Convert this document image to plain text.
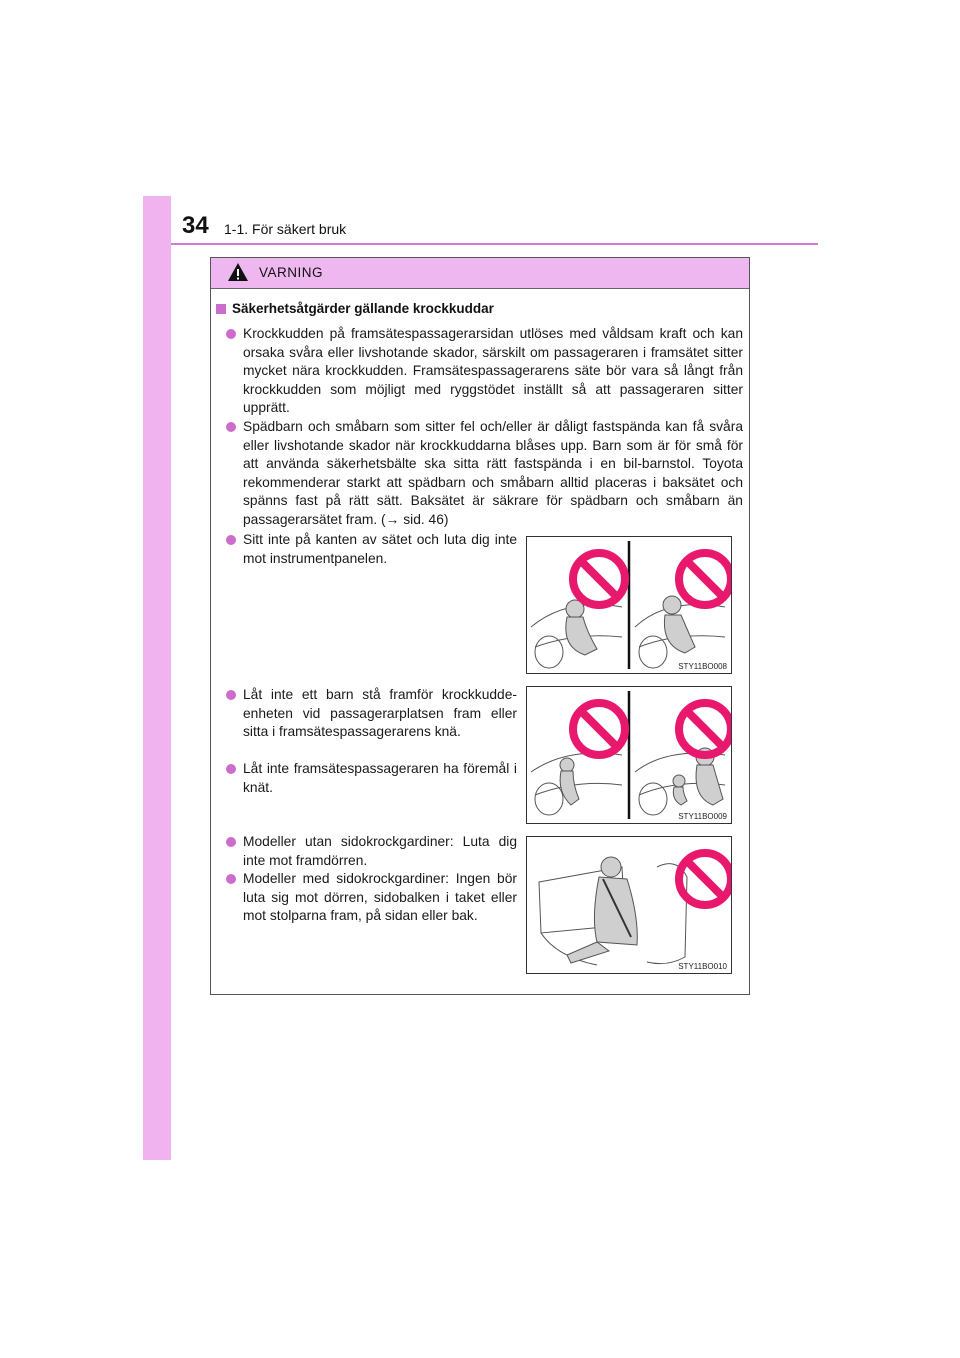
34 1-1. För säkert bruk
VARNING
Säkerhetsåtgärder gällande krockkuddar
Krockkudden på framsätespassagerarsidan utlöses med våldsam kraft och kan orsaka svåra eller livshotande skador, särskilt om passageraren i framsätet sitter mycket nära krockkudden. Framsätespassagerarens säte bör vara så långt från krockkudden som möjligt med ryggstödet inställt så att passageraren sitter upprätt.
Spädbarn och småbarn som sitter fel och/eller är dåligt fastspända kan få svåra eller livshotande skador när krockkuddarna blåses upp. Barn som är för små för att använda säkerhetsbälte ska sitta rätt fastspända i en bil-barnstol. Toyota rekommenderar starkt att spädbarn och småbarn alltid placeras i baksätet och spänns fast på rätt sätt. Baksätet är säkrare för spädbarn och småbarn än passagerarsätet fram. (→ sid. 46)
Sitt inte på kanten av sätet och luta dig inte mot instrumentpanelen.
Låt inte ett barn stå framför krockkudde-enheten vid passagerarplatsen fram eller sitta i framsätespassagerarens knä.
Låt inte framsätespassageraren ha föremål i knät.
Modeller utan sidokrockgardiner: Luta dig inte mot framdörren.
Modeller med sidokrockgardiner: Ingen bör luta sig mot dörren, sidobalken i taket eller mot stolparna fram, på sidan eller bak.
STY11BO008
STY11BO009
STY11BO010
